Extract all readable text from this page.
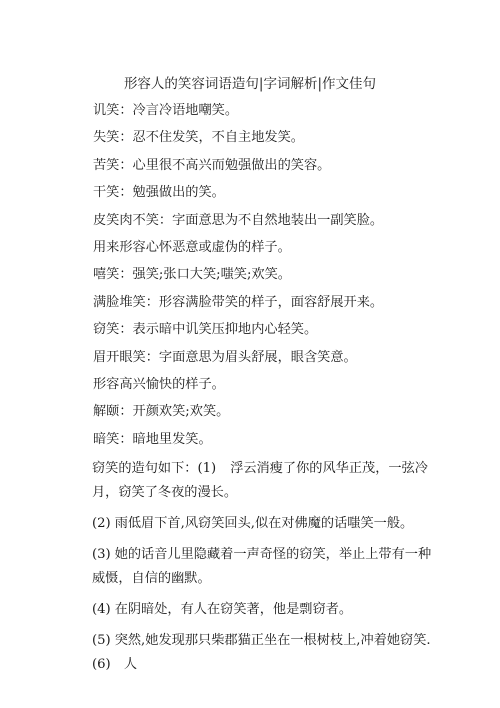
形容人的笑容词语造句|字词解析|作文佳句
讥笑：冷言冷语地嘲笑。
失笑：忍不住发笑，不自主地发笑。
苦笑：心里很不高兴而勉强做出的笑容。
干笑：勉强做出的笑。
皮笑肉不笑：字面意思为不自然地装出一副笑脸。
用来形容心怀恶意或虚伪的样子。
嘻笑：强笑;张口大笑;嗤笑;欢笑。
满脸堆笑：形容满脸带笑的样子，面容舒展开来。
窃笑：表示暗中讥笑压抑地内心轻笑。
眉开眼笑：字面意思为眉头舒展，眼含笑意。
形容高兴愉快的样子。
解颐：开颜欢笑;欢笑。
暗笑：暗地里发笑。
窃笑的造句如下：(1) 浮云消瘦了你的风华正茂，一弦冷月，窃笑了冬夜的漫长。
(2) 雨低眉下首,风窃笑回头,似在对佛魔的话嗤笑一般。
(3) 她的话音儿里隐藏着一声奇怪的窃笑，举止上带有一种威慑，自信的幽默。
(4) 在阴暗处，有人在窃笑著，他是剽窃者。
(5) 突然,她发现那只柴郡猫正坐在一根树枝上,冲着她窃笑.(6)　人
